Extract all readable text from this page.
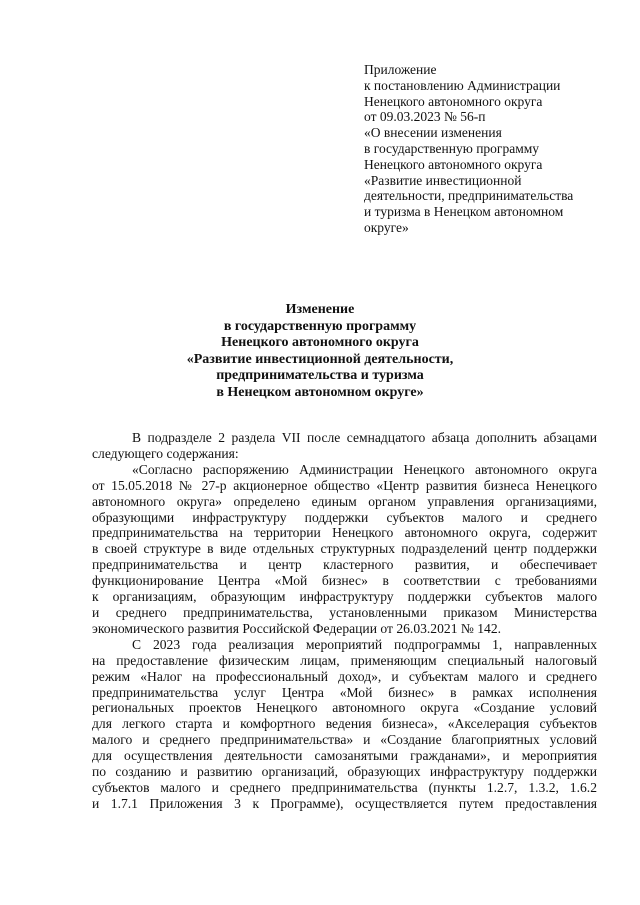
Приложение
к постановлению Администрации
Ненецкого автономного округа
от 09.03.2023 № 56-п
«О внесении изменения
в государственную программу
Ненецкого автономного округа
«Развитие инвестиционной
деятельности, предпринимательства
и туризма в Ненецком автономном
округе»
Изменение
в государственную программу
Ненецкого автономного округа
«Развитие инвестиционной деятельности,
предпринимательства и туризма
в Ненецком автономном округе»
В подразделе 2 раздела VII после семнадцатого абзаца дополнить абзацами
следующего содержания:
«Согласно распоряжению Администрации Ненецкого автономного округа
от 15.05.2018 № 27-р акционерное общество «Центр развития бизнеса Ненецкого
автономного округа» определено единым органом управления организациями,
образующими инфраструктуру поддержки субъектов малого и среднего
предпринимательства на территории Ненецкого автономного округа, содержит
в своей структуре в виде отдельных структурных подразделений центр поддержки
предпринимательства и центр кластерного развития, и обеспечивает
функционирование Центра «Мой бизнес» в соответствии с требованиями
к организациям, образующим инфраструктуру поддержки субъектов малого
и среднего предпринимательства, установленными приказом Министерства
экономического развития Российской Федерации от 26.03.2021 № 142.
С 2023 года реализация мероприятий подпрограммы 1, направленных
на предоставление физическим лицам, применяющим специальный налоговый
режим «Налог на профессиональный доход», и субъектам малого и среднего
предпринимательства услуг Центра «Мой бизнес» в рамках исполнения
региональных проектов Ненецкого автономного округа «Создание условий
для легкого старта и комфортного ведения бизнеса», «Акселерация субъектов
малого и среднего предпринимательства» и «Создание благоприятных условий
для осуществления деятельности самозанятыми гражданами», и мероприятия
по созданию и развитию организаций, образующих инфраструктуру поддержки
субъектов малого и среднего предпринимательства (пункты 1.2.7, 1.3.2, 1.6.2
и 1.7.1 Приложения 3 к Программе), осуществляется путем предоставления
